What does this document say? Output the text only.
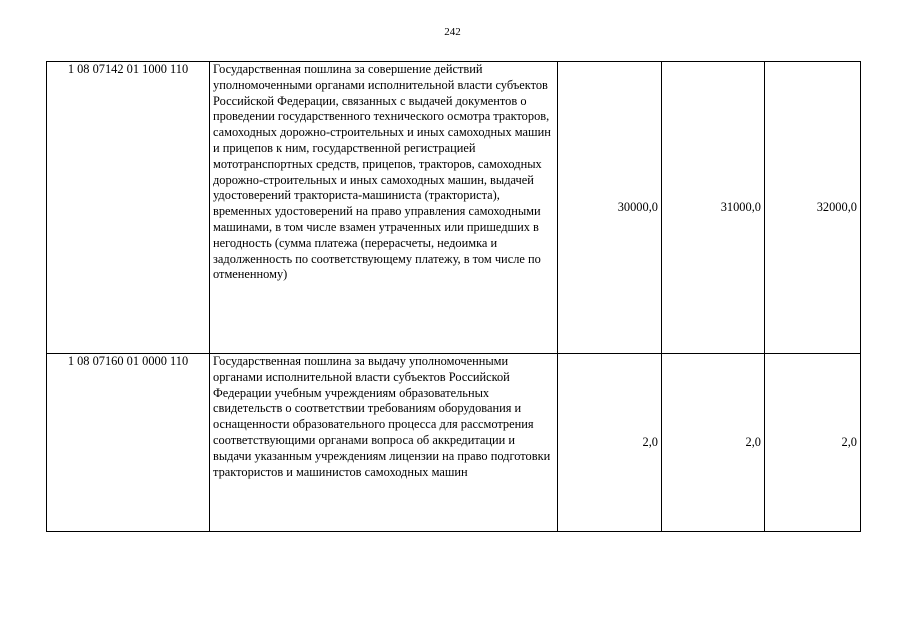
242
1 08 07142 01 1000 110	Государственная пошлина за совершение действий уполномоченными органами исполнительной власти субъектов Российской Федерации, связанных с выдачей документов о проведении государственного технического осмотра тракторов, самоходных дорожно-строительных и иных самоходных машин и прицепов к ним, государственной регистрацией мототранспортных средств, прицепов, тракторов, самоходных дорожно-строительных и иных самоходных машин, выдачей удостоверений тракториста-машиниста (тракториста), временных удостоверений на право управления самоходными машинами, в том числе взамен утраченных или пришедших в негодность (сумма платежа (перерасчеты, недоимка и задолженность по соответствующему платежу, в том числе по отмененному)	30000,0	31000,0	32000,0
1 08 07160 01 0000 110	Государственная пошлина за выдачу уполномоченными органами исполнительной власти субъектов Российской Федерации учебным учреждениям образовательных свидетельств о соответствии требованиям оборудования и оснащенности образовательного процесса для рассмотрения соответствующими органами вопроса об аккредитации и выдачи указанным учреждениям лицензии на право подготовки трактористов и машинистов самоходных машин	2,0	2,0	2,0
